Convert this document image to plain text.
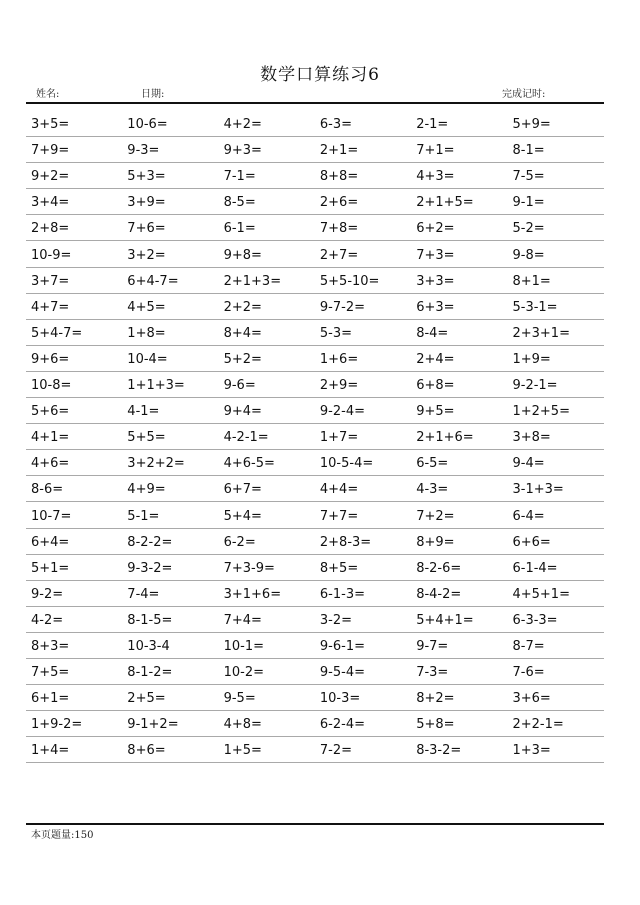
数学口算练习6
姓名:	日期:	完成记时:
3+5=	10-6=	4+2=	6-3=	2-1=	5+9=
7+9=	9-3=	9+3=	2+1=	7+1=	8-1=
9+2=	5+3=	7-1=	8+8=	4+3=	7-5=
3+4=	3+9=	8-5=	2+6=	2+1+5=	9-1=
2+8=	7+6=	6-1=	7+8=	6+2=	5-2=
10-9=	3+2=	9+8=	2+7=	7+3=	9-8=
3+7=	6+4-7=	2+1+3=	5+5-10=	3+3=	8+1=
4+7=	4+5=	2+2=	9-7-2=	6+3=	5-3-1=
5+4-7=	1+8=	8+4=	5-3=	8-4=	2+3+1=
9+6=	10-4=	5+2=	1+6=	2+4=	1+9=
10-8=	1+1+3=	9-6=	2+9=	6+8=	9-2-1=
5+6=	4-1=	9+4=	9-2-4=	9+5=	1+2+5=
4+1=	5+5=	4-2-1=	1+7=	2+1+6=	3+8=
4+6=	3+2+2=	4+6-5=	10-5-4=	6-5=	9-4=
8-6=	4+9=	6+7=	4+4=	4-3=	3-1+3=
10-7=	5-1=	5+4=	7+7=	7+2=	6-4=
6+4=	8-2-2=	6-2=	2+8-3=	8+9=	6+6=
5+1=	9-3-2=	7+3-9=	8+5=	8-2-6=	6-1-4=
9-2=	7-4=	3+1+6=	6-1-3=	8-4-2=	4+5+1=
4-2=	8-1-5=	7+4=	3-2=	5+4+1=	6-3-3=
8+3=	10-3-4	10-1=	9-6-1=	9-7=	8-7=
7+5=	8-1-2=	10-2=	9-5-4=	7-3=	7-6=
6+1=	2+5=	9-5=	10-3=	8+2=	3+6=
1+9-2=	9-1+2=	4+8=	6-2-4=	5+8=	2+2-1=
1+4=	8+6=	1+5=	7-2=	8-3-2=	1+3=
本页题量:150
